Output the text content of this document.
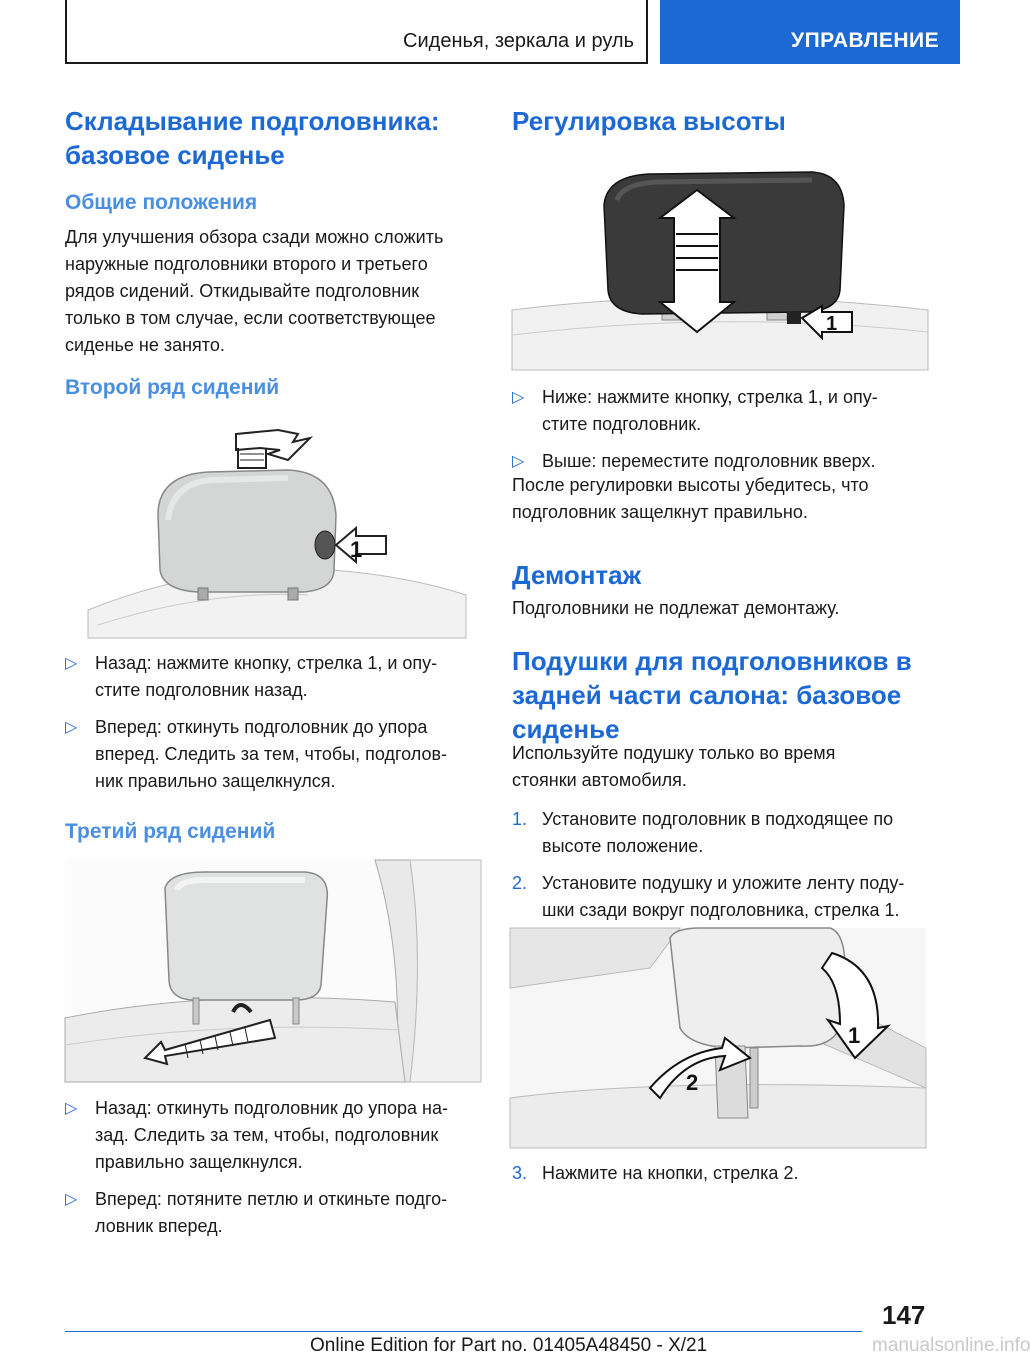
Сиденья, зеркала и руль	УПРАВЛЕНИЕ
Складывание подголовника:
базовое сиденье
Общие положения
Для улучшения обзора сзади можно сложить
наружные подголовники второго и третьего
рядов сидений. Откидывайте подголовник
только в том случае, если соответствующее
сиденье не занято.
Второй ряд сидений
1
▷ Назад: нажмите кнопку, стрелка 1, и опу-
стите подголовник назад.
▷ Вперед: откинуть подголовник до упора
вперед. Следить за тем, чтобы, подголов-
ник правильно защелкнулся.
Третий ряд сидений
▷ Назад: откинуть подголовник до упора на-
зад. Следить за тем, чтобы, подголовник
правильно защелкнулся.
▷ Вперед: потяните петлю и откиньте подго-
ловник вперед.
Регулировка высоты
1
▷ Ниже: нажмите кнопку, стрелка 1, и опу-
стите подголовник.
▷ Выше: переместите подголовник вверх.
После регулировки высоты убедитесь, что
подголовник защелкнут правильно.
Демонтаж
Подголовники не подлежат демонтажу.
Подушки для подголовников в
задней части салона: базовое
сиденье
Используйте подушку только во время
стоянки автомобиля.
1. Установите подголовник в подходящее по
высоте положение.
2. Установите подушку и уложите ленту поду-
шки сзади вокруг подголовника, стрелка 1.
2
1
3. Нажмите на кнопки, стрелка 2.
147
Online Edition for Part no. 01405A48450 - X/21	manualsonline.info
